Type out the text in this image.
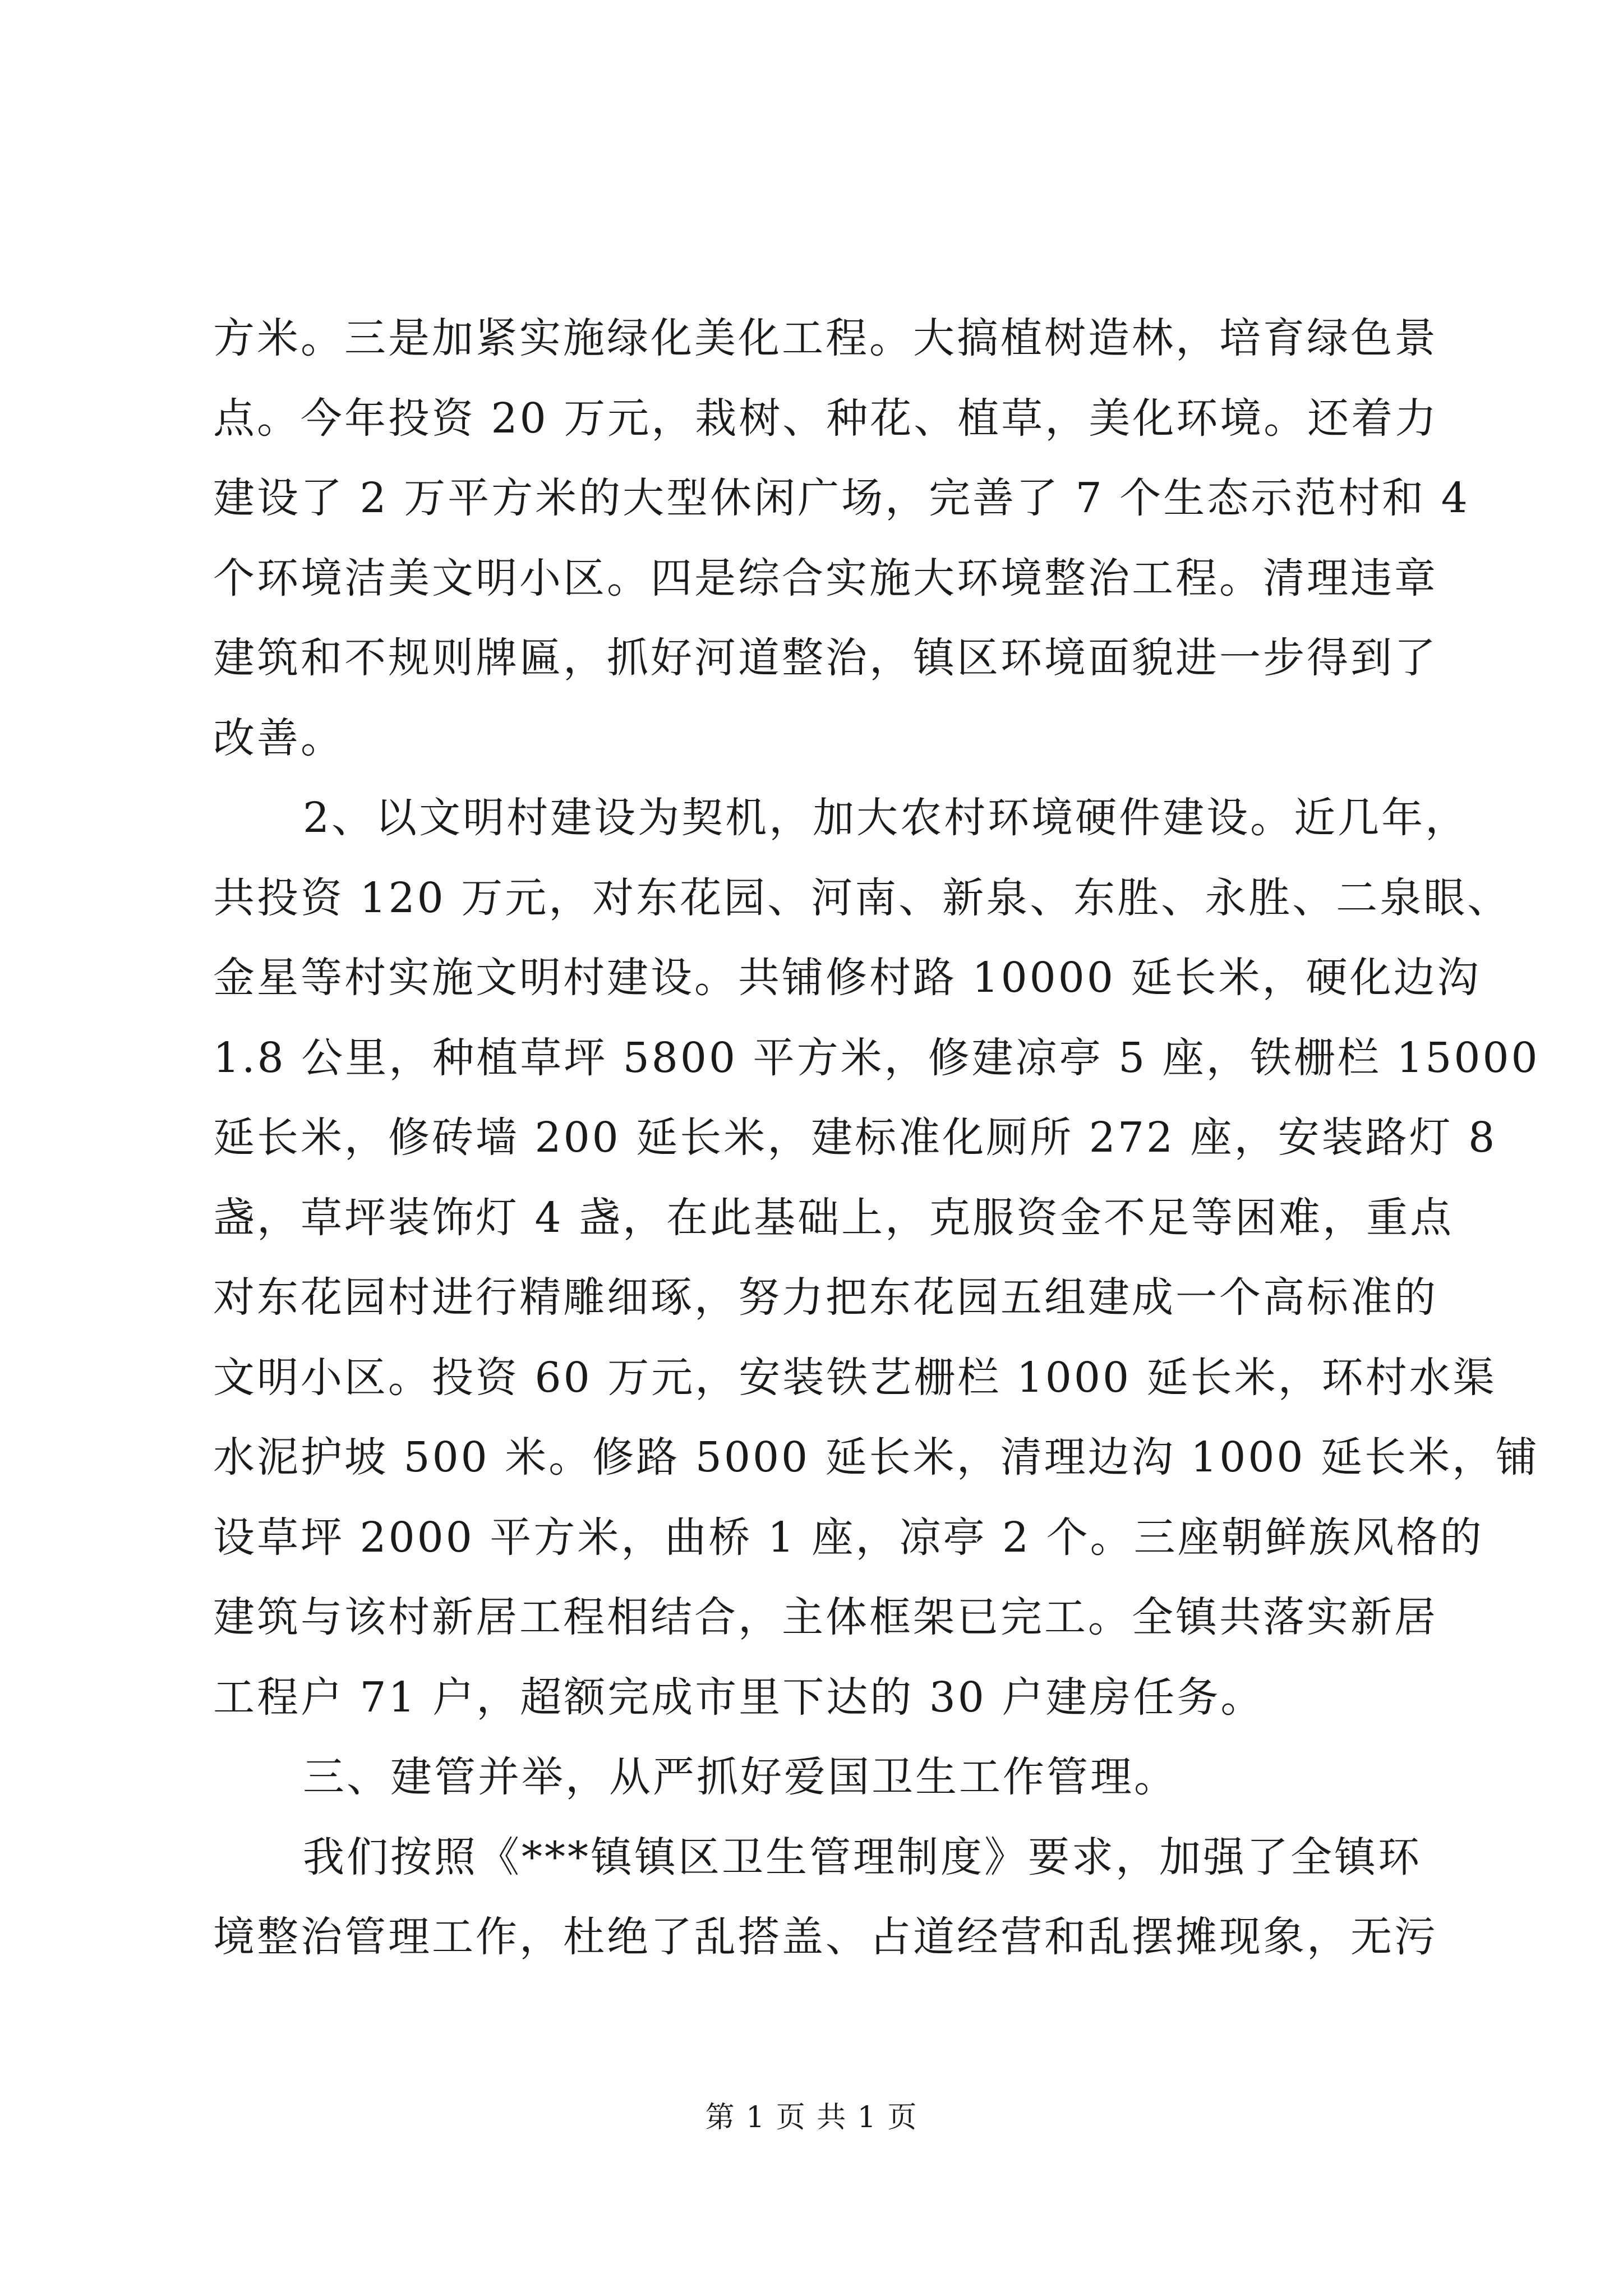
方米。三是加紧实施绿化美化工程。大搞植树造林，培育绿色景
点。今年投资 20 万元，栽树、种花、植草，美化环境。还着力
建设了 2 万平方米的大型休闲广场，完善了 7 个生态示范村和 4
个环境洁美文明小区。四是综合实施大环境整治工程。清理违章
建筑和不规则牌匾，抓好河道整治，镇区环境面貌进一步得到了
改善。
2、以文明村建设为契机，加大农村环境硬件建设。近几年，
共投资 120 万元，对东花园、河南、新泉、东胜、永胜、二泉眼、
金星等村实施文明村建设。共铺修村路 10000 延长米，硬化边沟
1.8 公里，种植草坪 5800 平方米，修建凉亭 5 座，铁栅栏 15000
延长米，修砖墙 200 延长米，建标准化厕所 272 座，安装路灯 8
盏，草坪装饰灯 4 盏，在此基础上，克服资金不足等困难，重点
对东花园村进行精雕细琢，努力把东花园五组建成一个高标准的
文明小区。投资 60 万元，安装铁艺栅栏 1000 延长米，环村水渠
水泥护坡 500 米。修路 5000 延长米，清理边沟 1000 延长米，铺
设草坪 2000 平方米，曲桥 1 座，凉亭 2 个。三座朝鲜族风格的
建筑与该村新居工程相结合，主体框架已完工。全镇共落实新居
工程户 71 户，超额完成市里下达的 30 户建房任务。
三、建管并举，从严抓好爱国卫生工作管理。
我们按照《***镇镇区卫生管理制度》要求，加强了全镇环
境整治管理工作，杜绝了乱搭盖、占道经营和乱摆摊现象，无污
第 1 页 共 1 页
